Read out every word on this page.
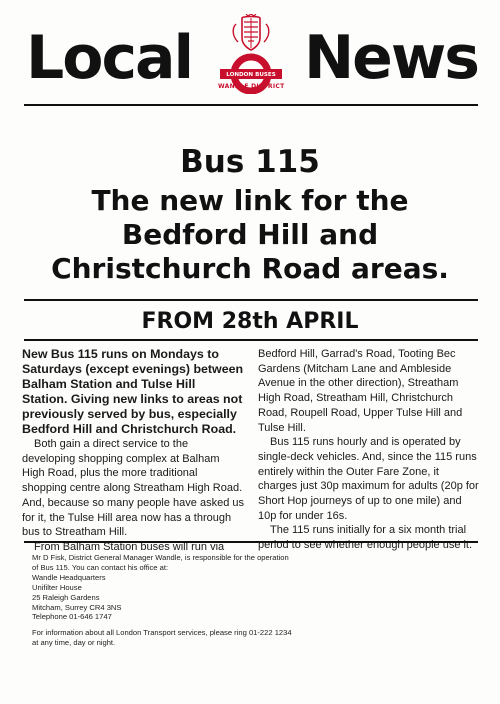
Local	LONDON BUSES
WANDLE DISTRICT News
Bus 115
The new link for the
Bedford Hill and
Christchurch Road areas.
FROM 28th APRIL

New Bus 115 runs on Mondays to Saturdays (except evenings) between Balham Station and Tulse Hill Station. Giving new links to areas not previously served by bus, especially Bedford Hill and Christchurch Road.

Both gain a direct service to the developing shopping complex at Balham High Road, plus the more traditional shopping centre along Streatham High Road. And, because so many people have asked us for it, the Tulse Hill area now has a through bus to Streatham Hill.

From Balham Station buses will run via

Bedford Hill, Garrad's Road, Tooting Bec Gardens (Mitcham Lane and Ambleside Avenue in the other direction), Streatham High Road, Streatham Hill, Christchurch Road, Roupell Road, Upper Tulse Hill and Tulse Hill.

Bus 115 runs hourly and is operated by single-deck vehicles. And, since the 115 runs entirely within the Outer Fare Zone, it charges just 30p maximum for adults (20p for Short Hop journeys of up to one mile) and 10p for under 16s.

The 115 runs initially for a six month trial period to see whether enough people use it.

Mr D Fisk, District General Manager Wandle, is responsible for the operation of Bus 115. You can contact his office at:

Wandle Headquarters

Unifilter House

25 Raleigh Gardens

Mitcham, Surrey CR4 3NS

Telephone 01-646 1747

For information about all London Transport services, please ring 01-222 1234 at any time, day or night.
